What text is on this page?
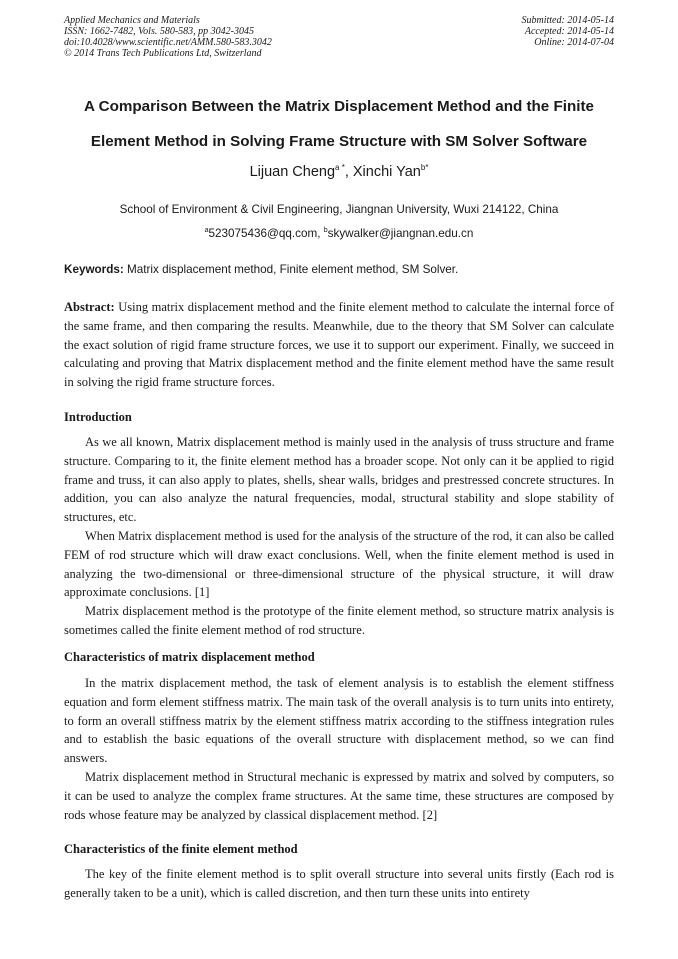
Applied Mechanics and Materials
ISSN: 1662-7482, Vols. 580-583, pp 3042-3045
doi:10.4028/www.scientific.net/AMM.580-583.3042
© 2014 Trans Tech Publications Ltd, Switzerland
Submitted: 2014-05-14
Accepted: 2014-05-14
Online: 2014-07-04
A Comparison Between the Matrix Displacement Method and the Finite
Element Method in Solving Frame Structure with SM Solver Software
Lijuan Cheng$^{a *}$, Xinchi Yan$^{b*}$
School of Environment & Civil Engineering, Jiangnan University, Wuxi 214122, China
$^a$523075436@qq.com, $^b$skywalker@jiangnan.edu.cn
Keywords: Matrix displacement method, Finite element method, SM Solver.

Abstract: Using matrix displacement method and the finite element method to calculate the internal force of the same frame, and then comparing the results. Meanwhile, due to the theory that SM Solver can calculate the exact solution of rigid frame structure forces, we use it to support our experiment. Finally, we succeed in calculating and proving that Matrix displacement method and the finite element method have the same result in solving the rigid frame structure forces.

Introduction

As we all known, Matrix displacement method is mainly used in the analysis of truss structure and frame structure. Comparing to it, the finite element method has a broader scope. Not only can it be applied to rigid frame and truss, it can also apply to plates, shells, shear walls, bridges and prestressed concrete structures. In addition, you can also analyze the natural frequencies, modal, structural stability and slope stability of structures, etc.

When Matrix displacement method is used for the analysis of the structure of the rod, it can also be called FEM of rod structure which will draw exact conclusions. Well, when the finite element method is used in analyzing the two-dimensional or three-dimensional structure of the physical structure, it will draw approximate conclusions. [1]

Matrix displacement method is the prototype of the finite element method, so structure matrix analysis is sometimes called the finite element method of rod structure.

Characteristics of matrix displacement method

In the matrix displacement method, the task of element analysis is to establish the element stiffness equation and form element stiffness matrix. The main task of the overall analysis is to turn units into entirety, to form an overall stiffness matrix by the element stiffness matrix according to the stiffness integration rules and to establish the basic equations of the overall structure with displacement method, so we can find answers.

Matrix displacement method in Structural mechanic is expressed by matrix and solved by computers, so it can be used to analyze the complex frame structures. At the same time, these structures are composed by rods whose feature may be analyzed by classical displacement method. [2]

Characteristics of the finite element method

The key of the finite element method is to split overall structure into several units firstly (Each rod is generally taken to be a unit), which is called discretion, and then turn these units into entirety
